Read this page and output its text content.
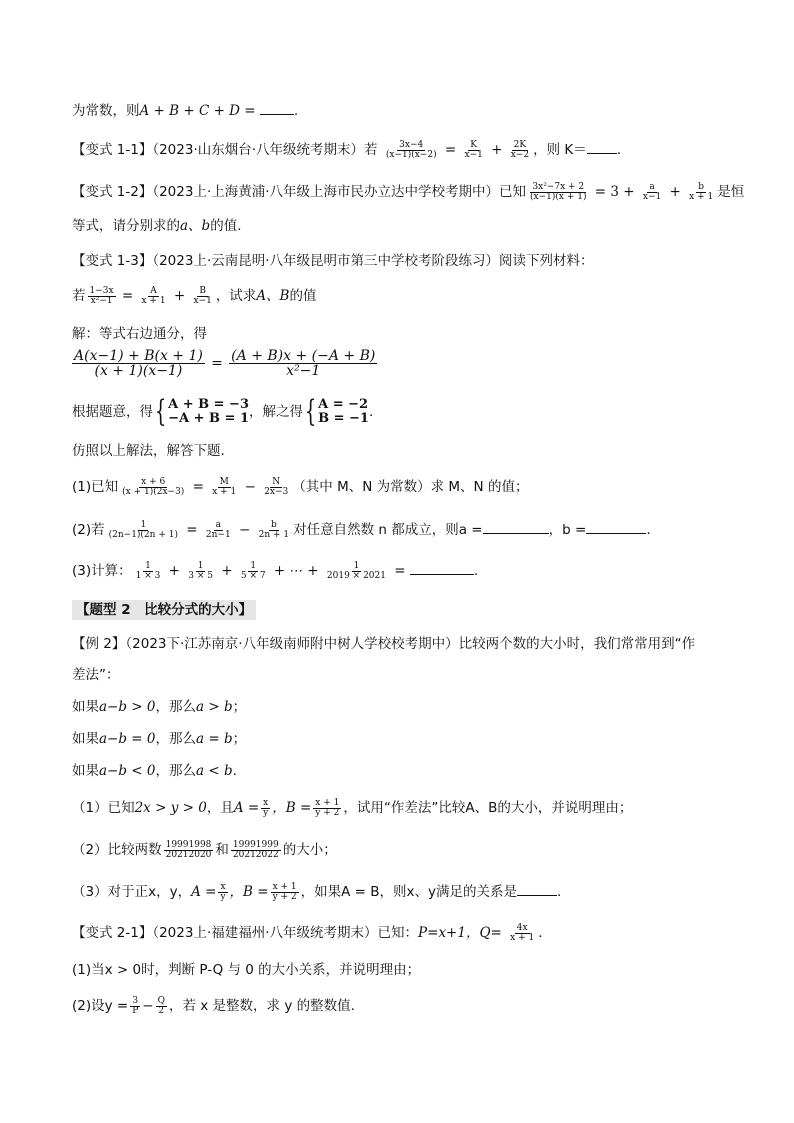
为常数，则A + B + C + D =	.
【变式 1-1】（2023·山东烟台·八年级统考期末）若 $\frac{3x-4}{(x-1)(x-2)} = \frac{K}{x-1} + \frac{2K}{x-2}$ ，则 K＝ .
【变式 1-2】（2023上·上海黄浦·八年级上海市民办立达中学校考期中）已知 $\frac{\text{3x²−7x + 2}}{(x-1)(x + 1)} = 3 + \frac{a}{x-1} + \frac{b}{x + 1}$ 是恒
等式，请分别求的a、b的值.
【变式 1-3】（2023上·云南昆明·八年级昆明市第三中学校考阶段练习）阅读下列材料：
若 $\frac{1-3x}{\text{x²−1}} = \frac{A}{x + 1} + \frac{B}{x-1}$ ，试求A、B的值
解：等式右边通分，得
$\frac{A(x-1) + B(x + 1)}{(x + 1)(x-1)} = \frac{(A + B)x + (-A + B)}{\text{x²−1}}$
根据题意，得 { A + B = −3
−A + B = 1 ，解之得 { A = −2
B = −1 .
仿照以上解法，解答下题.
(1)已知 $\frac{x + 6}{(x + 1)(2x-3)} = \frac{M}{x + 1} - \frac{N}{2x-3}$ （其中 M、N 为常数）求 M、N 的值；
(2)若 $\frac{1}{(2n-1)(2n + 1)} = \frac{a}{2n-1} - \frac{b}{2n + 1}$ 对任意自然数 n 都成立，则a =	，b =	.
(3)计算： $\frac{1}{1 \times 3} + \frac{1}{3 \times 5} + \frac{1}{5 \times 7}$ + ⋯ + $\frac{1}{2019 \times 2021}$ =	.
【题型 2　比较分式的大小】
【例 2】（2023下·江苏南京·八年级南师附中树人学校校考期中）比较两个数的大小时，我们常常用到“作
差法”：
如果a−b > 0，那么a > b；
如果a−b = 0，那么a = b；
如果a−b < 0，那么a < b.
（1）已知2x > y > 0，且$A = \frac{x}{y}$ ，$B = \frac{x + 1}{y + 2}$ ，试用“作差法”比较A、B的大小，并说明理由；
（2）比较两数 $\frac{19991998}{20212020}$ 和 $\frac{19991999}{20212022}$ 的大小；
（3）对于正x，y，$A = \frac{x}{y}$ ，$B = \frac{x + 1}{y + 2}$ ，如果A = B，则x、y满足的关系是	.
【变式 2-1】（2023上·福建福州·八年级统考期末）已知：P=x+1，$Q= \frac{4x}{x + 1}$ .
(1)当x > 0时，判断 P-Q 与 0 的大小关系，并说明理由；
(2)设$y = \frac{3}{P} - \frac{Q}{2}$ ，若 x 是整数，求 y 的整数值.
